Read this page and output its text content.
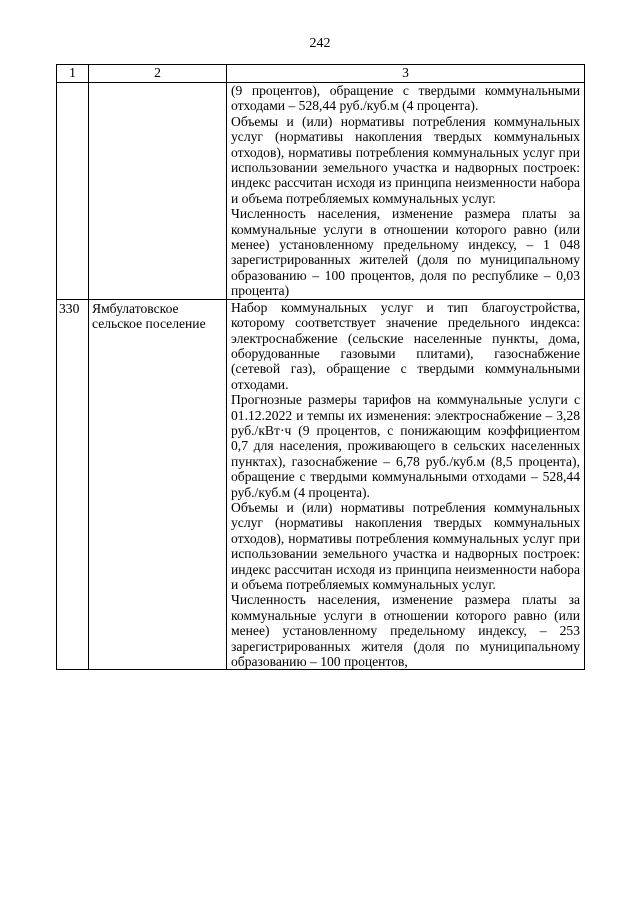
242
1	2	3

		(9 процентов), обращение с твердыми коммунальными отходами – 528,44 руб./куб.м (4 процента).

Объемы и (или) нормативы потребления коммунальных услуг (нормативы накопления твердых коммунальных отходов), нормативы потребления коммунальных услуг при использовании земельного участка и надворных построек: индекс рассчитан исходя из принципа неизменности набора и объема потребляемых коммунальных услуг.

Численность населения, изменение размера платы за коммунальные услуги в отношении которого равно (или менее) установленному предельному индексу, – 1 048 зарегистрированных жителей (доля по муниципальному образованию – 100 процентов, доля по республике – 0,03 процента)

330	Ямбулатовское сельское поселение	Набор коммунальных услуг и тип благоустройства, которому соответствует значение предельного индекса: электроснабжение (сельские населенные пункты, дома, оборудованные газовыми плитами), газоснабжение (сетевой газ), обращение с твердыми коммунальными отходами.

Прогнозные размеры тарифов на коммунальные услуги с 01.12.2022 и темпы их изменения: электроснабжение – 3,28 руб./кВт·ч (9 процентов, с понижающим коэффициентом 0,7 для населения, проживающего в сельских населенных пунктах), газоснабжение – 6,78 руб./куб.м (8,5 процента), обращение с твердыми коммунальными отходами – 528,44 руб./куб.м (4 процента).

Объемы и (или) нормативы потребления коммунальных услуг (нормативы накопления твердых коммунальных отходов), нормативы потребления коммунальных услуг при использовании земельного участка и надворных построек: индекс рассчитан исходя из принципа неизменности набора и объема потребляемых коммунальных услуг.

Численность населения, изменение размера платы за коммунальные услуги в отношении которого равно (или менее) установленному предельному индексу, – 253 зарегистрированных жителя (доля по муниципальному образованию – 100 процентов,
